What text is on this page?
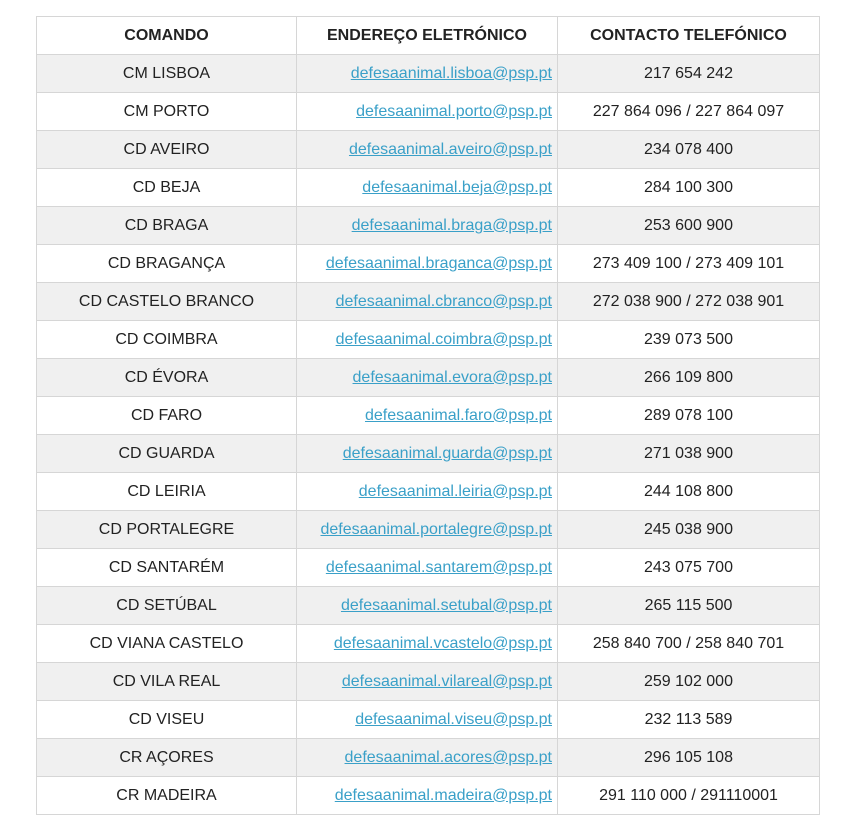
COMANDO	ENDEREÇO ELETRÓNICO	CONTACTO TELEFÓNICO
CM LISBOA	defesaanimal.lisboa@psp.pt	217 654 242
CM PORTO	defesaanimal.porto@psp.pt	227 864 096 / 227 864 097
CD AVEIRO	defesaanimal.aveiro@psp.pt	234 078 400
CD BEJA	defesaanimal.beja@psp.pt	284 100 300
CD BRAGA	defesaanimal.braga@psp.pt	253 600 900
CD BRAGANÇA	defesaanimal.braganca@psp.pt	273 409 100 / 273 409 101
CD CASTELO BRANCO	defesaanimal.cbranco@psp.pt	272 038 900 / 272 038 901
CD COIMBRA	defesaanimal.coimbra@psp.pt	239 073 500
CD ÉVORA	defesaanimal.evora@psp.pt	266 109 800
CD FARO	defesaanimal.faro@psp.pt	289 078 100
CD GUARDA	defesaanimal.guarda@psp.pt	271 038 900
CD LEIRIA	defesaanimal.leiria@psp.pt	244 108 800
CD PORTALEGRE	defesaanimal.portalegre@psp.pt	245 038 900
CD SANTARÉM	defesaanimal.santarem@psp.pt	243 075 700
CD SETÚBAL	defesaanimal.setubal@psp.pt	265 115 500
CD VIANA CASTELO	defesaanimal.vcastelo@psp.pt	258 840 700 / 258 840 701
CD VILA REAL	defesaanimal.vilareal@psp.pt	259 102 000
CD VISEU	defesaanimal.viseu@psp.pt	232 113 589
CR AÇORES	defesaanimal.acores@psp.pt	296 105 108
CR MADEIRA	defesaanimal.madeira@psp.pt	291 110 000 / 291110001
